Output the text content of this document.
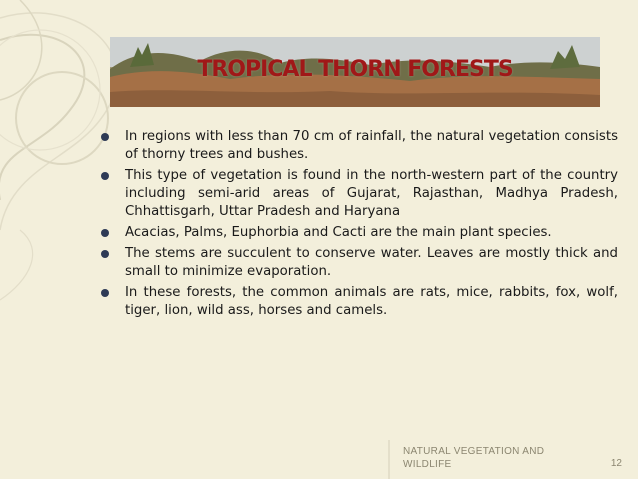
TROPICAL THORN FORESTS
In regions with less than 70 cm of rainfall, the natural vegetation consists of thorny trees and bushes.
This type of vegetation is found in the north-western part of the country including semi-arid areas of Gujarat, Rajasthan, Madhya Pradesh, Chhattisgarh, Uttar Pradesh and Haryana
Acacias, Palms, Euphorbia and Cacti are the main plant species.
The stems are succulent to conserve water. Leaves are mostly thick and small to minimize evaporation.
In these forests, the common animals are rats, mice, rabbits, fox, wolf, tiger, lion, wild ass, horses and camels.
NATURAL VEGETATION AND WILDLIFE	12
